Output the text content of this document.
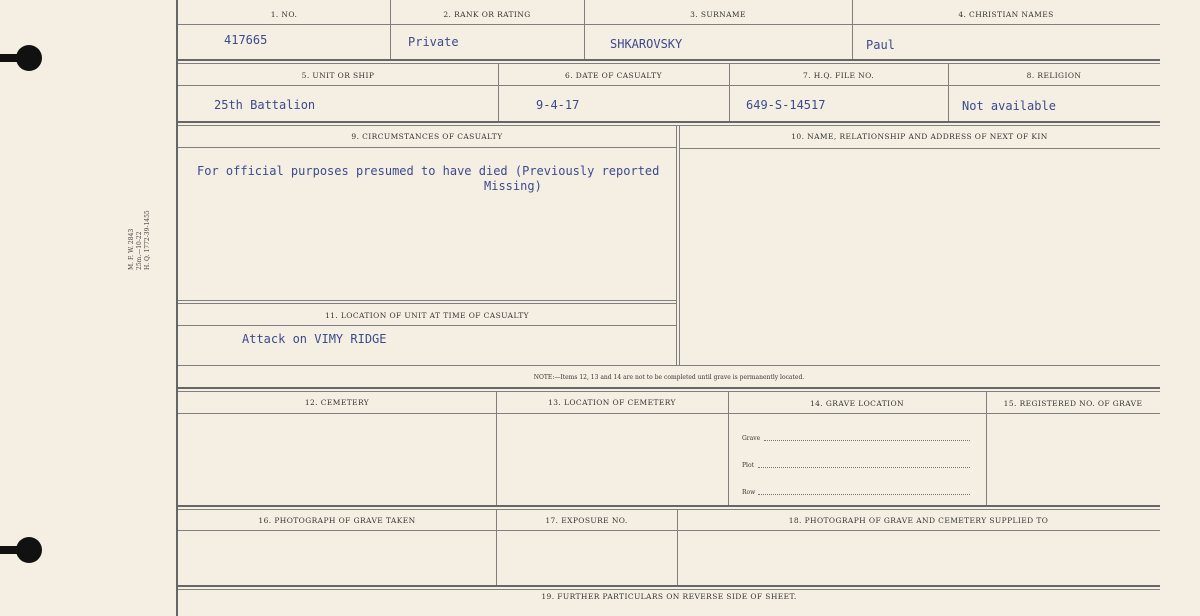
M. F. W. 2843 25m.—10-22 H. Q. 1772-39-1455
1. NO.	2. RANK OR RATING	3. SURNAME	4. CHRISTIAN NAMES
417665	Private	SHKAROVSKY	Paul
5. UNIT OR SHIP	6. DATE OF CASUALTY	7. H.Q. FILE NO.	8. RELIGION
25th Battalion	9-4-17	649-S-14517	Not available
9. CIRCUMSTANCES OF CASUALTY	10. NAME, RELATIONSHIP AND ADDRESS OF NEXT OF KIN
For official purposes presumed to have died (Previously reported
Missing)
11. LOCATION OF UNIT AT TIME OF CASUALTY
Attack on VIMY RIDGE
NOTE:—Items 12, 13 and 14 are not to be completed until grave is permanently located.
12. CEMETERY	13. LOCATION OF CEMETERY	14. GRAVE LOCATION	15. REGISTERED NO. OF GRAVE
Grave
Plot
Row
16. PHOTOGRAPH OF GRAVE TAKEN	17. EXPOSURE NO.	18. PHOTOGRAPH OF GRAVE AND CEMETERY SUPPLIED TO
19. FURTHER PARTICULARS ON REVERSE SIDE OF SHEET.
